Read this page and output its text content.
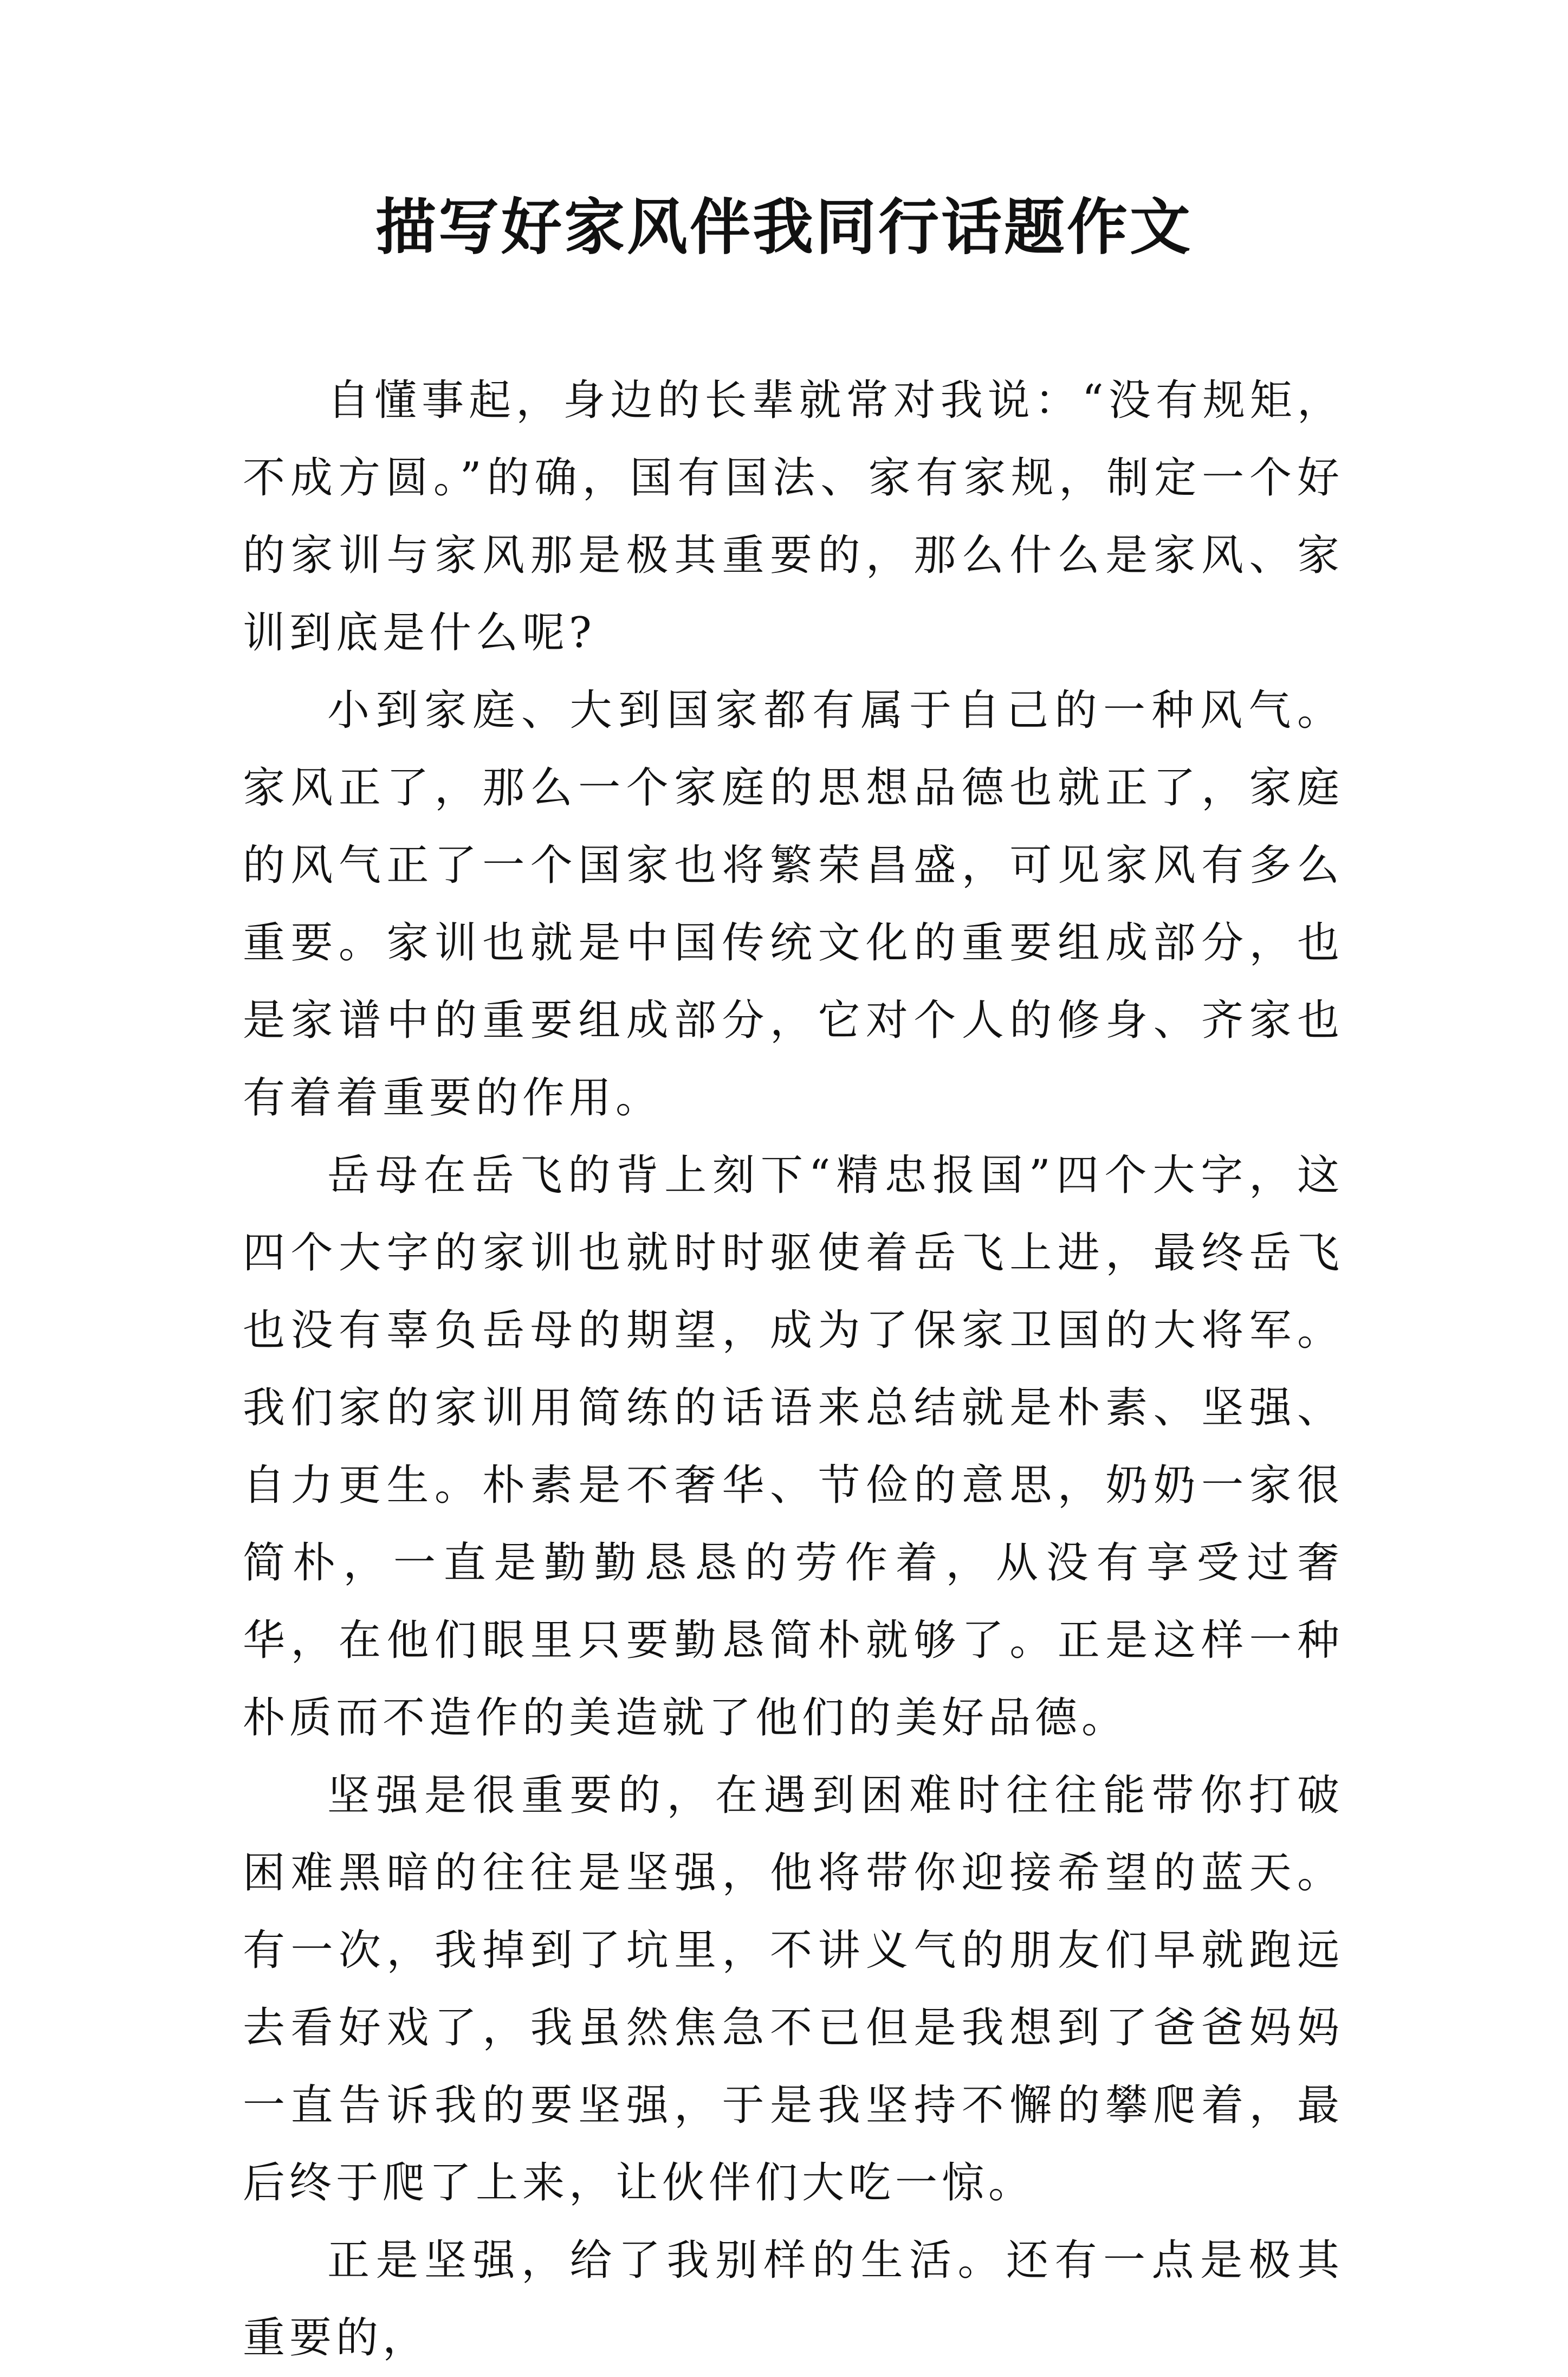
描写好家风伴我同行话题作文

自懂事起，身边的长辈就常对我说：“没有规矩，不成方圆。”的确，国有国法、家有家规，制定一个好的家训与家风那是极其重要的，那么什么是家风、家训到底是什么呢?

小到家庭、大到国家都有属于自己的一种风气。家风正了，那么一个家庭的思想品德也就正了，家庭的风气正了一个国家也将繁荣昌盛，可见家风有多么重要。家训也就是中国传统文化的重要组成部分，也是家谱中的重要组成部分，它对个人的修身、齐家也有着着重要的作用。

岳母在岳飞的背上刻下“精忠报国”四个大字，这四个大字的家训也就时时驱使着岳飞上进，最终岳飞也没有辜负岳母的期望，成为了保家卫国的大将军。我们家的家训用简练的话语来总结就是朴素、坚强、自力更生。朴素是不奢华、节俭的意思，奶奶一家很简朴，一直是勤勤恳恳的劳作着，从没有享受过奢华，在他们眼里只要勤恳简朴就够了。正是这样一种朴质而不造作的美造就了他们的美好品德。

坚强是很重要的，在遇到困难时往往能带你打破困难黑暗的往往是坚强，他将带你迎接希望的蓝天。有一次，我掉到了坑里，不讲义气的朋友们早就跑远去看好戏了，我虽然焦急不已但是我想到了爸爸妈妈一直告诉我的要坚强，于是我坚持不懈的攀爬着，最后终于爬了上来，让伙伴们大吃一惊。

正是坚强，给了我别样的生活。还有一点是极其重要的，
